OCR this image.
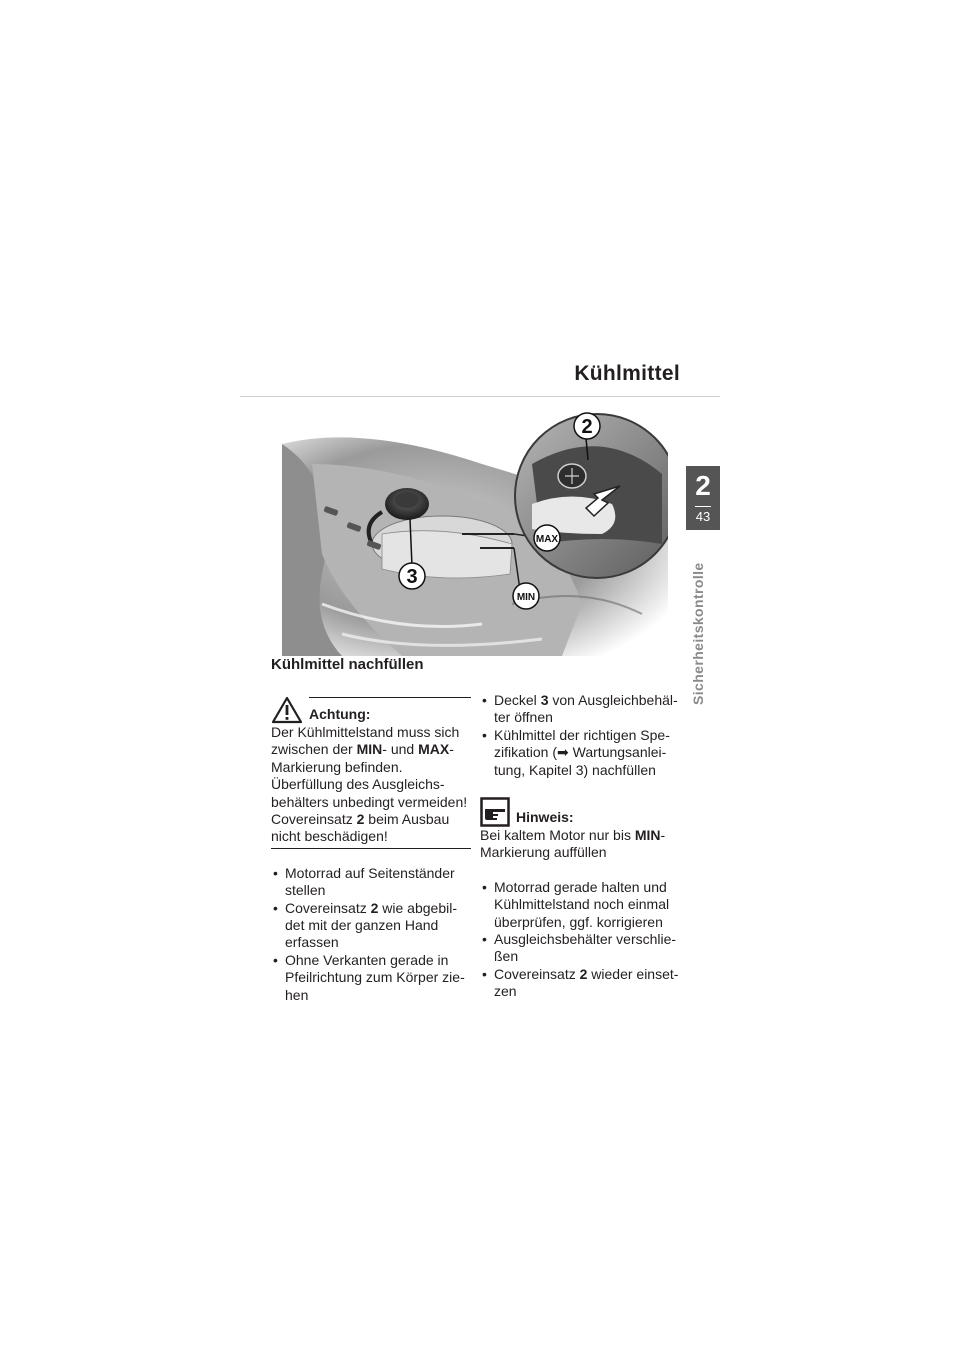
Kühlmittel
2
43
Sicherheitskontrolle
2
3
MAX
MIN
Kühlmittel nachfüllen
Achtung:

Der Kühlmittelstand muss sich zwischen der MIN- und MAX-Markierung befinden.

Überfüllung des Ausgleichs-behälters unbedingt vermeiden!

Covereinsatz 2 beim Ausbau nicht beschädigen!

• Motorrad auf Seitenständer stellen
• Covereinsatz 2 wie abgebil-det mit der ganzen Hand erfassen
• Ohne Verkanten gerade in Pfeilrichtung zum Körper zie-hen
• Deckel 3 von Ausgleichbehäl-ter öffnen
• Kühlmittel der richtigen Spe-zifikation (➡ Wartungsanlei-tung, Kapitel 3) nachfüllen
Hinweis:

Bei kaltem Motor nur bis MIN-Markierung auffüllen

• Motorrad gerade halten und Kühlmittelstand noch einmal überprüfen, ggf. korrigieren
• Ausgleichsbehälter verschlie-ßen
• Covereinsatz 2 wieder einset-zen
